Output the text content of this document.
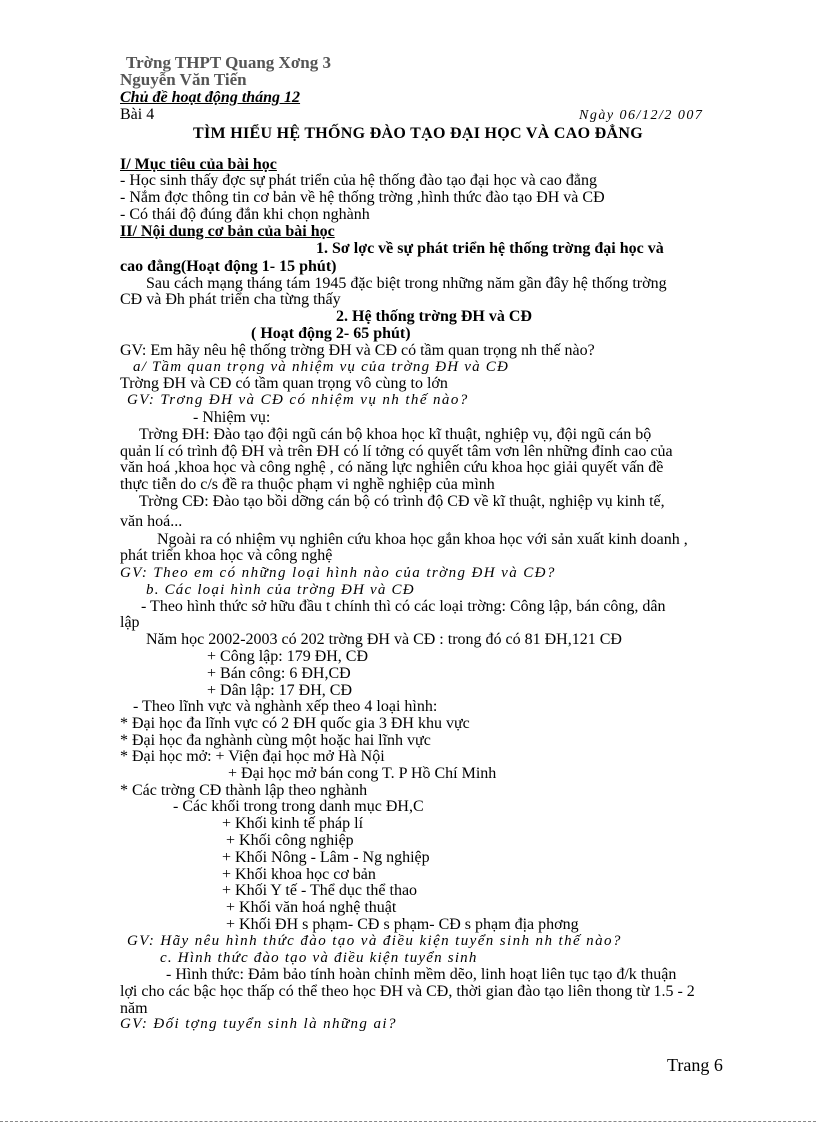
Trờng THPT Quang Xơng 3
Nguyễn Văn Tiến
Chủ đề hoạt động tháng 12
Bài 4	Ngày 06/12/2 007
TÌM HIỂU HỆ THỐNG ĐÀO TẠO ĐẠI HỌC VÀ CAO ĐẲNG
I/ Mục tiêu của bài học
- Học sinh thấy đợc sự phát triển của hệ thống đào tạo đại học và cao đẳng
- Nắm đợc thông tin cơ bản về hệ thống trờng ,hình thức đào tạo ĐH và CĐ
- Có thái độ đúng đắn khi chọn nghành
II/ Nội dung cơ bản của bài học
1. Sơ lợc về sự phát triển hệ thống trờng đại học và
cao đẳng(Hoạt động 1- 15 phút)
Sau cách mạng tháng tám 1945 đặc biệt trong những năm gần đây hệ thống trờng
CĐ và Đh phát triển cha từng thấy
2. Hệ thống trờng ĐH và CĐ
( Hoạt động 2- 65 phút)
GV: Em hãy nêu hệ thống trờng ĐH và CĐ có tầm quan trọng nh thế nào?
a/ Tầm quan trọng và nhiệm vụ của trờng ĐH và CĐ
Trờng ĐH và CĐ có tầm quan trọng vô cùng to lớn
GV: Trơng ĐH và CĐ có nhiệm vụ nh thế nào?
- Nhiệm vụ:
Trờng ĐH: Đào tạo đội ngũ cán bộ khoa học kĩ thuật, nghiệp vụ, đội ngũ cán bộ
quản lí có trình độ ĐH và trên ĐH có lí tởng có quyết tâm vơn lên những đỉnh cao của
văn hoá ,khoa học và công nghệ , có năng lực nghiên cứu khoa học giải quyết vấn đề
thực tiễn do c/s đề ra thuộc phạm vi nghề nghiệp của mình
Trờng CĐ: Đào tạo bồi dỡng cán bộ có trình độ CĐ về kĩ thuật, nghiệp vụ kinh tế,
văn hoá...
Ngoài ra có nhiệm vụ nghiên cứu khoa học gắn khoa học với sản xuất kinh doanh ,
phát triển khoa học và công nghệ
GV: Theo em có những loại hình nào của trờng ĐH và CĐ?
b. Các loại hình của trờng ĐH và CĐ
- Theo hình thức sở hữu đầu t chính thì có các loại trờng: Công lập, bán công, dân
lập
Năm học 2002-2003 có 202 trờng ĐH và CĐ : trong đó có 81 ĐH,121 CĐ
+ Công lập: 179 ĐH, CĐ
+ Bán công: 6 ĐH,CĐ
+ Dân lập: 17 ĐH, CĐ
- Theo lĩnh vực và nghành xếp theo 4 loại hình:
* Đại học đa lĩnh vực có 2 ĐH quốc gia 3 ĐH khu vực
* Đại học đa nghành cùng một hoặc hai lĩnh vực
* Đại học mở: + Viện đại học mở Hà Nội
+ Đại học mở bán cong T. P Hồ Chí Minh
* Các trờng CĐ thành lập theo nghành
- Các khối trong trong danh mục ĐH,C
+ Khối kinh tế pháp lí
+ Khối công nghiệp
+ Khối Nông - Lâm - Ng nghiệp
+ Khối khoa học cơ bản
+ Khối Y tế - Thể dục thể thao
+ Khối văn hoá nghệ thuật
+ Khối ĐH s phạm- CĐ s phạm- CĐ s phạm địa phơng
GV: Hãy nêu hình thức đào tạo và điều kiện tuyển sinh nh thế nào?
c. Hình thức đào tạo và điều kiện tuyển sinh
- Hình thức: Đảm bảo tính hoàn chỉnh mềm dẽo, linh hoạt liên tục tạo đ/k thuận
lợi cho các bậc học thấp có thể theo học ĐH và CĐ, thời gian đào tạo liên thong từ 1.5 - 2
năm
GV: Đối tợng tuyển sinh là những ai?
Trang 6
